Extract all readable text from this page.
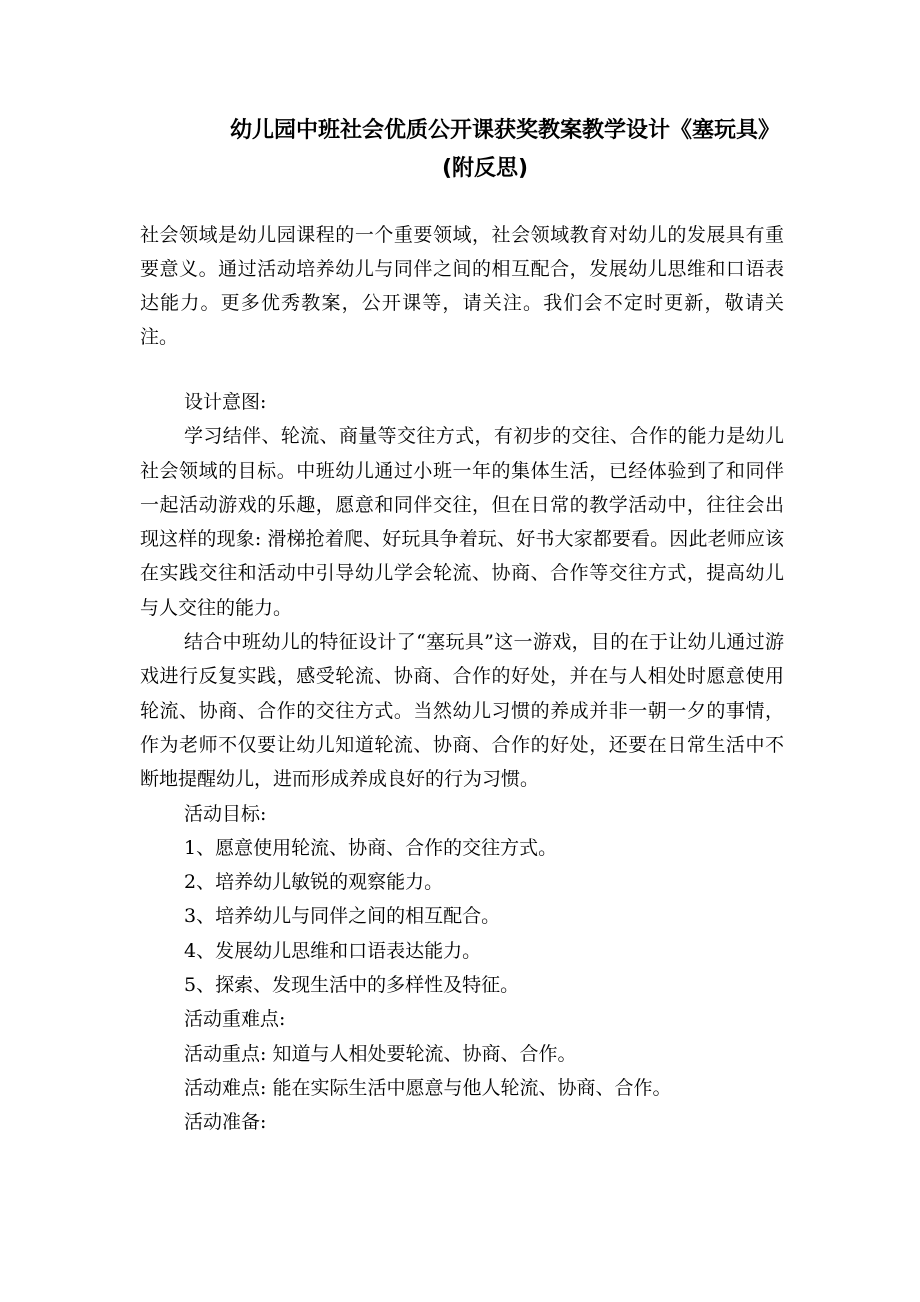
幼儿园中班社会优质公开课获奖教案教学设计《塞玩具》
(附反思)

社会领域是幼儿园课程的一个重要领域，社会领域教育对幼儿的发展具有重要意义。通过活动培养幼儿与同伴之间的相互配合，发展幼儿思维和口语表达能力。更多优秀教案，公开课等，请关注。我们会不定时更新，敬请关注。

设计意图:

学习结伴、轮流、商量等交往方式，有初步的交往、合作的能力是幼儿社会领域的目标。中班幼儿通过小班一年的集体生活，已经体验到了和同伴一起活动游戏的乐趣，愿意和同伴交往，但在日常的教学活动中，往往会出现这样的现象: 滑梯抢着爬、好玩具争着玩、好书大家都要看。因此老师应该在实践交往和活动中引导幼儿学会轮流、协商、合作等交往方式，提高幼儿与人交往的能力。

结合中班幼儿的特征设计了“塞玩具”这一游戏，目的在于让幼儿通过游戏进行反复实践，感受轮流、协商、合作的好处，并在与人相处时愿意使用轮流、协商、合作的交往方式。当然幼儿习惯的养成并非一朝一夕的事情，作为老师不仅要让幼儿知道轮流、协商、合作的好处，还要在日常生活中不断地提醒幼儿，进而形成养成良好的行为习惯。

活动目标:

1、愿意使用轮流、协商、合作的交往方式。

2、培养幼儿敏锐的观察能力。

3、培养幼儿与同伴之间的相互配合。

4、发展幼儿思维和口语表达能力。

5、探索、发现生活中的多样性及特征。

活动重难点:

活动重点: 知道与人相处要轮流、协商、合作。

活动难点: 能在实际生活中愿意与他人轮流、协商、合作。

活动准备:
